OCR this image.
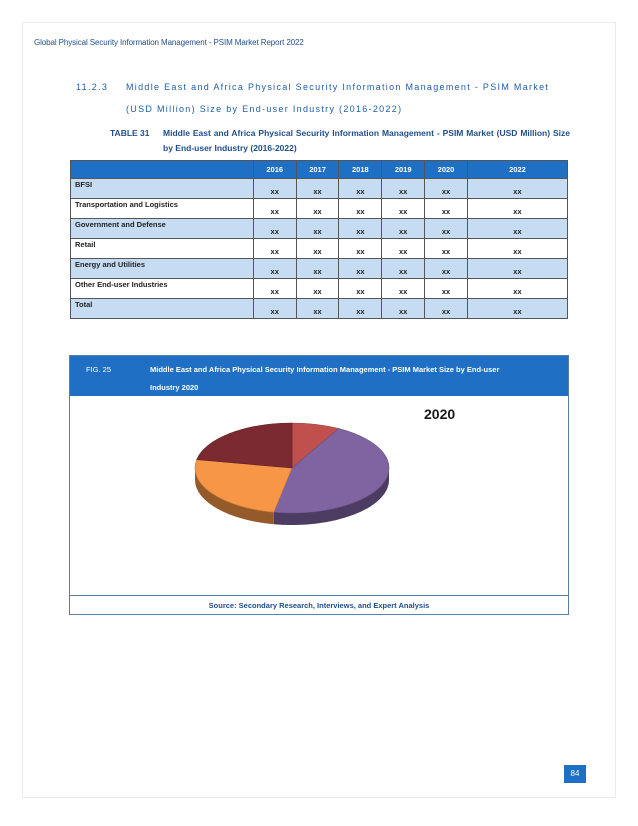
Global Physical Security Information Management - PSIM Market Report 2022
11.2.3 Middle East and Africa Physical Security Information Management - PSIM Market
(USD Million) Size by End-user Industry (2016-2022)
TABLE 31	Middle East and Africa Physical Security Information Management - PSIM Market (USD Million) Size by End-user Industry (2016-2022)
	2016	2017	2018	2019	2020	2022
BFSI	xx	xx	xx	xx	xx	xx
Transportation and Logistics	xx	xx	xx	xx	xx	xx
Government and Defense	xx	xx	xx	xx	xx	xx
Retail	xx	xx	xx	xx	xx	xx
Energy and Utilities	xx	xx	xx	xx	xx	xx
Other End-user Industries	xx	xx	xx	xx	xx	xx
Total	xx	xx	xx	xx	xx	xx
FIG. 25	Middle East and Africa Physical Security Information Management - PSIM Market Size by End-user Industry 2020
2020
Source: Secondary Research, Interviews, and Expert Analysis
84
